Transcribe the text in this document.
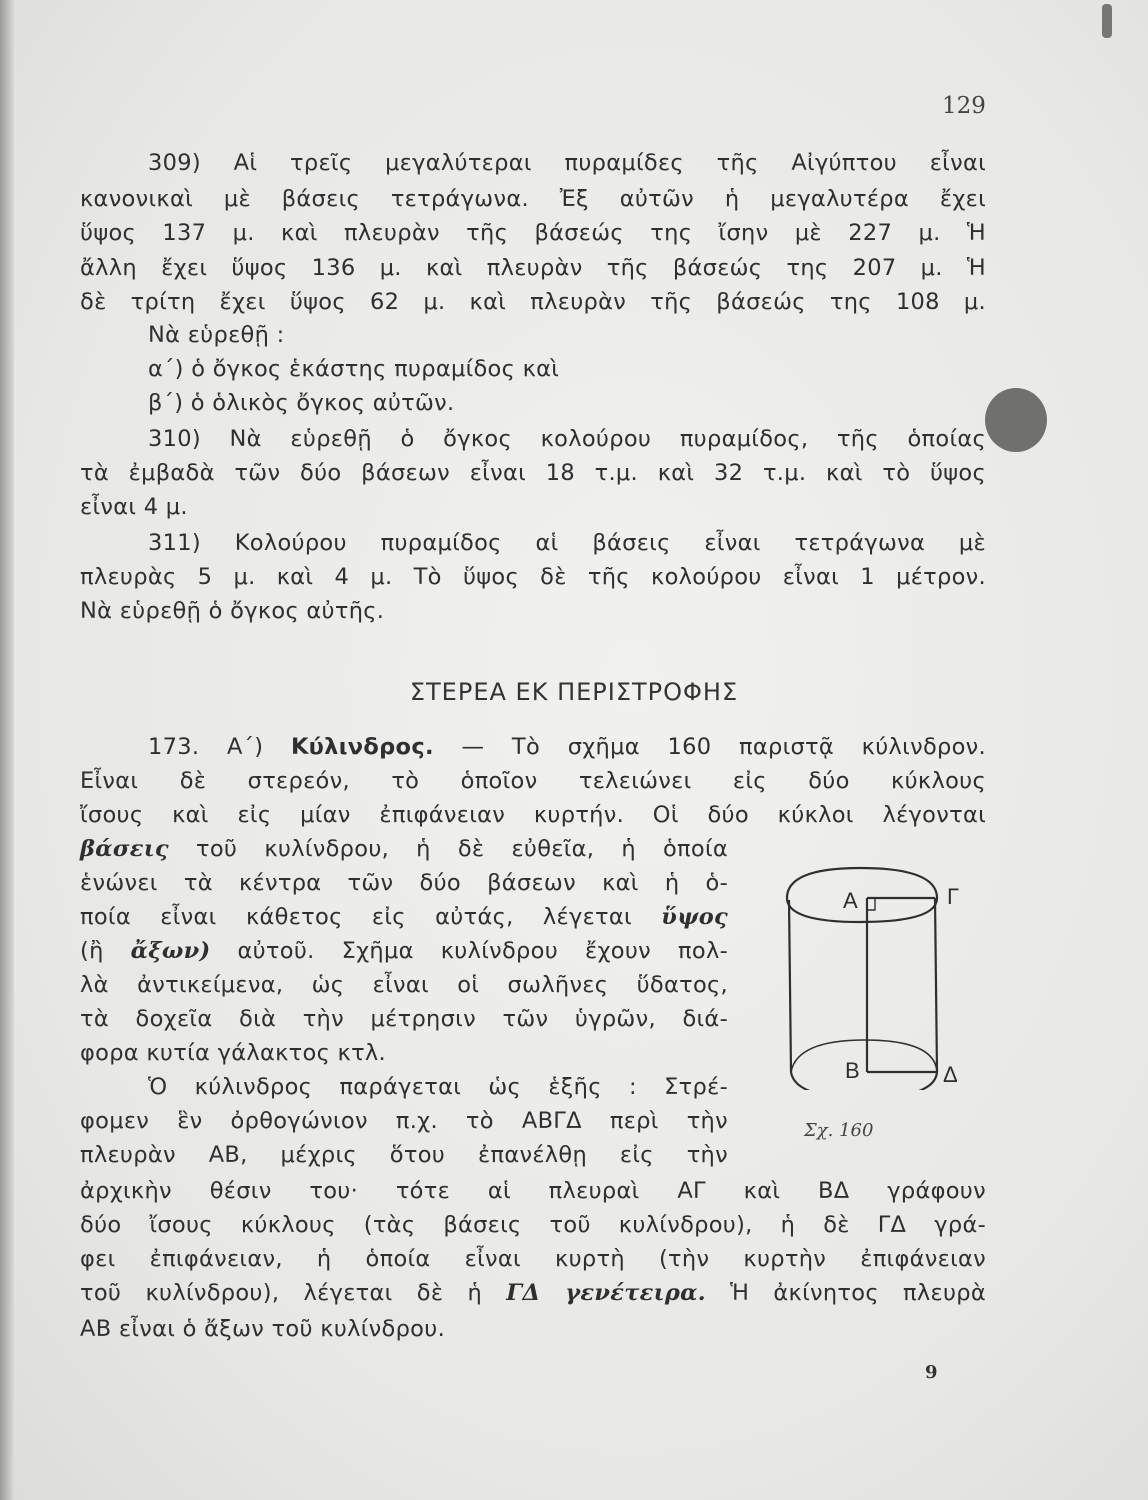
129
309) Αἱ τρεῖς μεγαλύτεραι πυραμίδες τῆς Αἰγύπτου εἶναι
κανονικαὶ μὲ βάσεις τετράγωνα. Ἐξ αὐτῶν ἡ μεγαλυτέρα ἔχει
ὕψος 137 μ. καὶ πλευρὰν τῆς βάσεώς της ἴσην μὲ 227 μ. Ἡ
ἄλλη ἔχει ὕψος 136 μ. καὶ πλευρὰν τῆς βάσεώς της 207 μ. Ἡ
δὲ τρίτη ἔχει ὕψος 62 μ. καὶ πλευρὰν τῆς βάσεώς της 108 μ.
Νὰ εὑρεθῇ :
α΄) ὁ ὄγκος ἑκάστης πυραμίδος καὶ
β΄) ὁ ὁλικὸς ὄγκος αὐτῶν.
310) Νὰ εὑρεθῇ ὁ ὄγκος κολούρου πυραμίδος, τῆς ὁποίας
τὰ ἐμβαδὰ τῶν δύο βάσεων εἶναι 18 τ.μ. καὶ 32 τ.μ. καὶ τὸ ὕψος
εἶναι 4 μ.
311) Κολούρου πυραμίδος αἱ βάσεις εἶναι τετράγωνα μὲ
πλευρὰς 5 μ. καὶ 4 μ. Τὸ ὕψος δὲ τῆς κολούρου εἶναι 1 μέτρον.
Νὰ εὑρεθῇ ὁ ὄγκος αὐτῆς.
ΣΤΕΡΕΑ ΕΚ ΠΕΡΙΣΤΡΟΦΗΣ
173. Α΄) Κύλινδρος. — Τὸ σχῆμα 160 παριστᾷ κύλινδρον.
Εἶναι δὲ στερεόν, τὸ ὁποῖον τελειώνει εἰς δύο κύκλους
ἴσους καὶ εἰς μίαν ἐπιφάνειαν κυρτήν. Οἱ δύο κύκλοι λέγονται
βάσεις τοῦ κυλίνδρου, ἡ δὲ εὐθεῖα, ἡ ὁποία
ἑνώνει τὰ κέντρα τῶν δύο βάσεων καὶ ἡ ὁ-
ποία εἶναι κάθετος εἰς αὐτάς, λέγεται ὕψος
(ἢ ἄξων) αὐτοῦ. Σχῆμα κυλίνδρου ἔχουν πολ-
λὰ ἀντικείμενα, ὡς εἶναι οἱ σωλῆνες ὕδατος,
τὰ δοχεῖα διὰ τὴν μέτρησιν τῶν ὑγρῶν, διά-
φορα κυτία γάλακτος κτλ.
Ὁ κύλινδρος παράγεται ὡς ἑξῆς : Στρέ-
φομεν ἓν ὀρθογώνιον π.χ. τὸ ΑΒΓΔ περὶ τὴν
πλευρὰν ΑΒ, μέχρις ὅτου ἐπανέλθῃ εἰς τὴν
ἀρχικὴν θέσιν του· τότε αἱ πλευραὶ ΑΓ καὶ ΒΔ γράφουν
δύο ἴσους κύκλους (τὰς βάσεις τοῦ κυλίνδρου), ἡ δὲ ΓΔ γρά-
φει ἐπιφάνειαν, ἡ ὁποία εἶναι κυρτὴ (τὴν κυρτὴν ἐπιφάνειαν
τοῦ κυλίνδρου), λέγεται δὲ ἡ ΓΔ γενέτειρα. Ἡ ἀκίνητος πλευρὰ
ΑΒ εἶναι ὁ ἄξων τοῦ κυλίνδρου.
Α	Γ
Β	Δ
Σχ. 160
9
